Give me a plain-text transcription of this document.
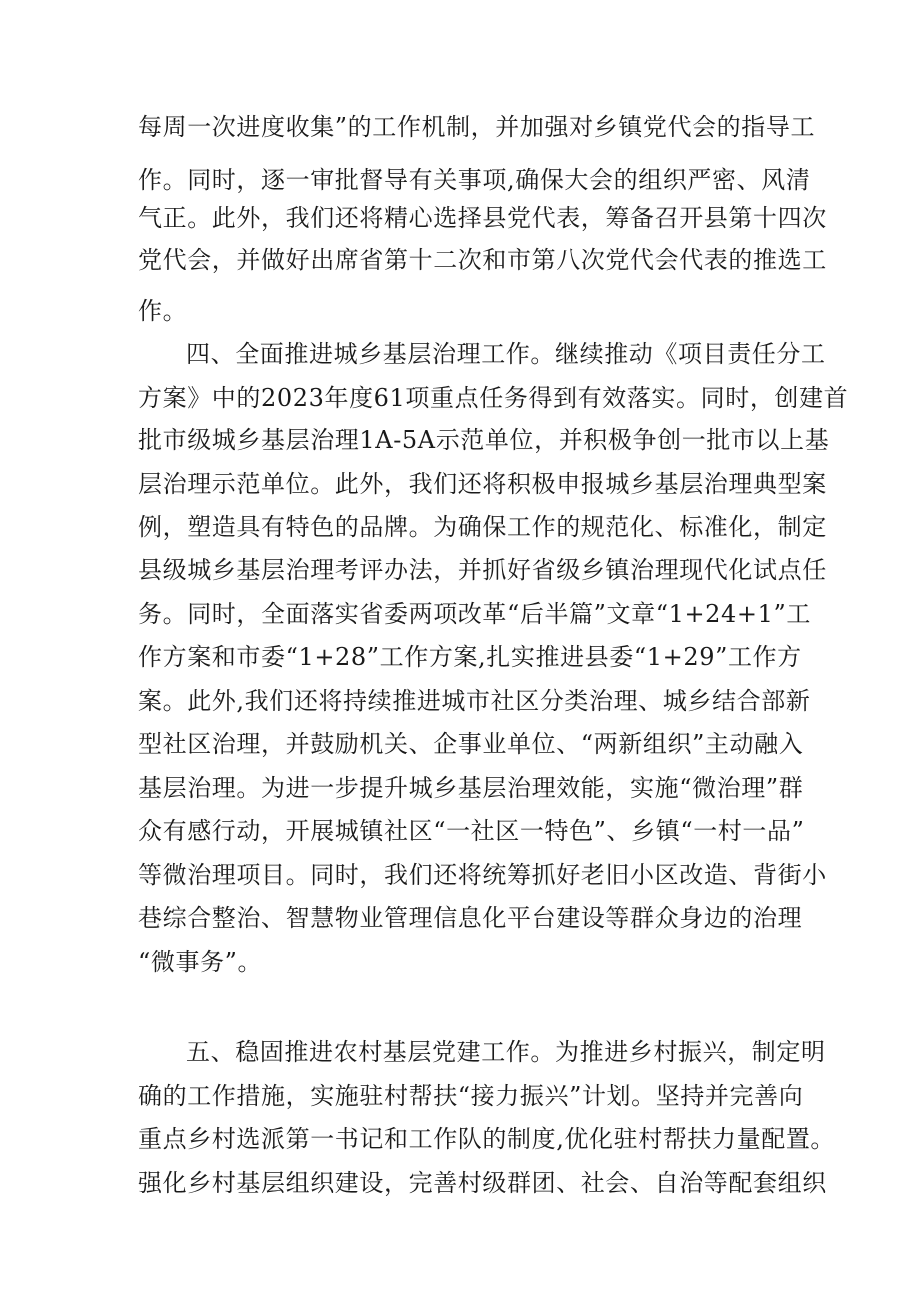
每周一次进度收集”的工作机制，并加强对乡镇党代会的指导工
作。同时，逐一审批督导有关事项,确保大会的组织严密、风清
气正。此外，我们还将精心选择县党代表，筹备召开县第十四次
党代会，并做好出席省第十二次和市第八次党代会代表的推选工
作。
四、全面推进城乡基层治理工作。继续推动《项目责任分工
方案》中的2023年度61项重点任务得到有效落实。同时，创建首
批市级城乡基层治理1A-5A示范单位，并积极争创一批市以上基
层治理示范单位。此外，我们还将积极申报城乡基层治理典型案
例，塑造具有特色的品牌。为确保工作的规范化、标准化，制定
县级城乡基层治理考评办法，并抓好省级乡镇治理现代化试点任
务。同时，全面落实省委两项改革“后半篇”文章“1+24+1”工
作方案和市委“1+28”工作方案,扎实推进县委“1+29”工作方
案。此外,我们还将持续推进城市社区分类治理、城乡结合部新
型社区治理，并鼓励机关、企事业单位、“两新组织”主动融入
基层治理。为进一步提升城乡基层治理效能，实施“微治理”群
众有感行动，开展城镇社区“一社区一特色”、乡镇“一村一品”
等微治理项目。同时，我们还将统筹抓好老旧小区改造、背街小
巷综合整治、智慧物业管理信息化平台建设等群众身边的治理
“微事务”。
五、稳固推进农村基层党建工作。为推进乡村振兴，制定明
确的工作措施，实施驻村帮扶“接力振兴”计划。坚持并完善向
重点乡村选派第一书记和工作队的制度,优化驻村帮扶力量配置。
强化乡村基层组织建设，完善村级群团、社会、自治等配套组织
